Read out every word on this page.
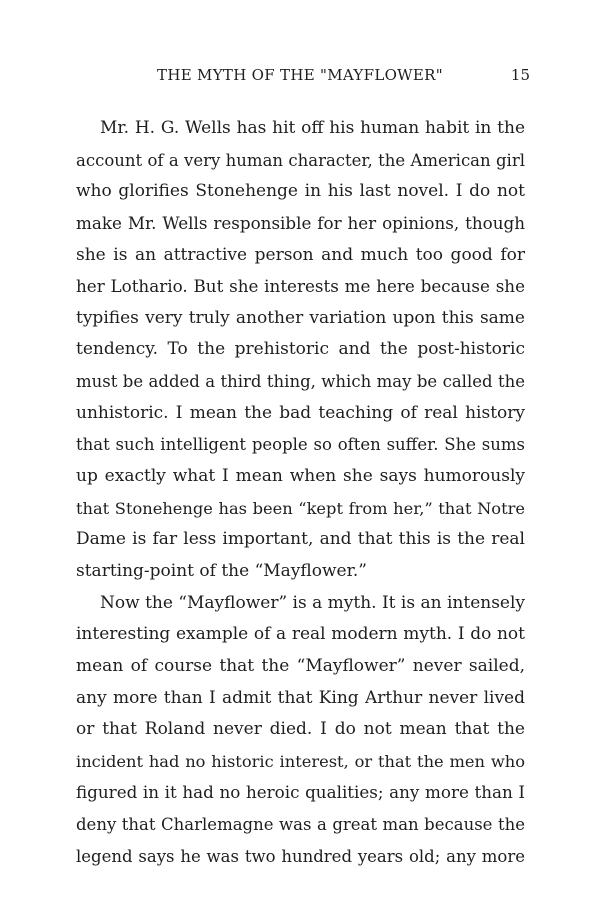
THE MYTH OF THE "MAYFLOWER"	15
Mr. H. G. Wells has hit off his human habit in the
account of a very human character, the American girl
who glorifies Stonehenge in his last novel. I do not
make Mr. Wells responsible for her opinions, though
she is an attractive person and much too good for
her Lothario. But she interests me here because she
typifies very truly another variation upon this same
tendency. To the prehistoric and the post-historic
must be added a third thing, which may be called the
unhistoric. I mean the bad teaching of real history
that such intelligent people so often suffer. She sums
up exactly what I mean when she says humorously
that Stonehenge has been “kept from her,” that Notre
Dame is far less important, and that this is the real
starting-point of the “Mayflower.”
Now the “Mayflower” is a myth. It is an intensely
interesting example of a real modern myth. I do not
mean of course that the “Mayflower” never sailed,
any more than I admit that King Arthur never lived
or that Roland never died. I do not mean that the
incident had no historic interest, or that the men who
figured in it had no heroic qualities; any more than I
deny that Charlemagne was a great man because the
legend says he was two hundred years old; any more
